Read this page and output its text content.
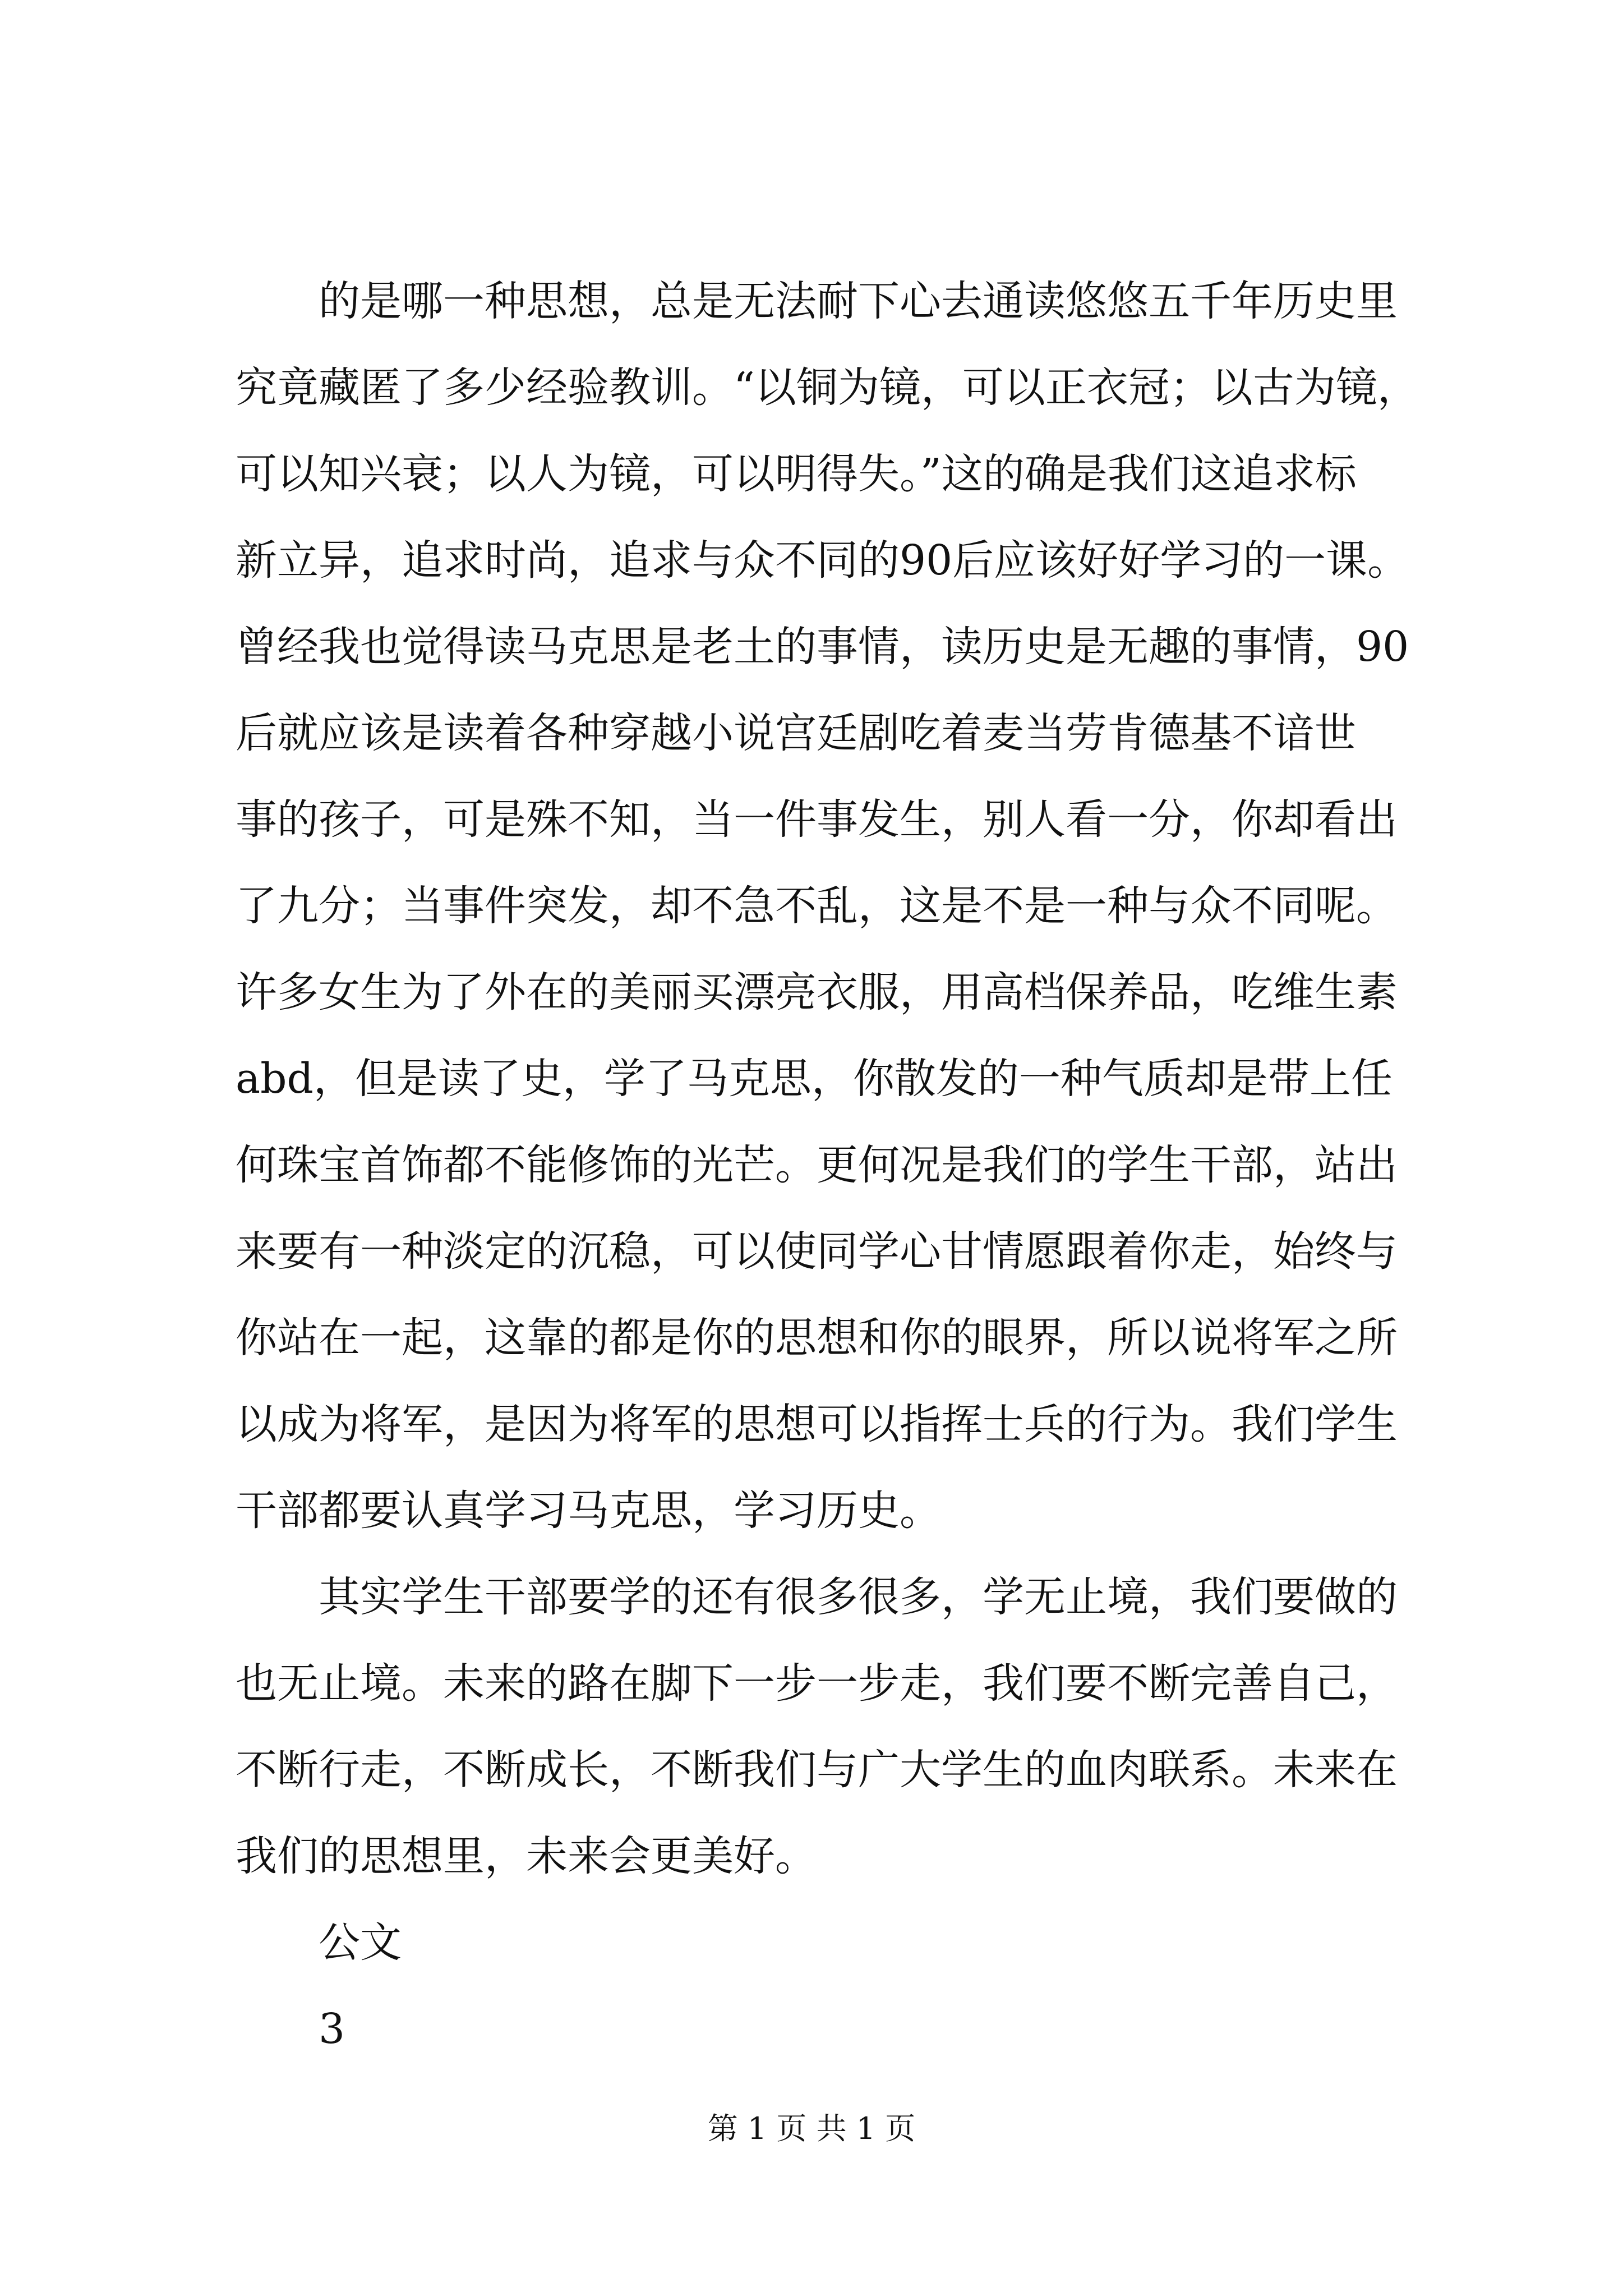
的是哪一种思想，总是无法耐下心去通读悠悠五千年历史里
究竟藏匿了多少经验教训。“以铜为镜，可以正衣冠；以古为镜，
可以知兴衰；以人为镜，可以明得失。”这的确是我们这追求标
新立异，追求时尚，追求与众不同的90后应该好好学习的一课。
曾经我也觉得读马克思是老土的事情，读历史是无趣的事情，90
后就应该是读着各种穿越小说宫廷剧吃着麦当劳肯德基不谙世
事的孩子，可是殊不知，当一件事发生，别人看一分，你却看出
了九分；当事件突发，却不急不乱，这是不是一种与众不同呢。
许多女生为了外在的美丽买漂亮衣服，用高档保养品，吃维生素
abd，但是读了史，学了马克思，你散发的一种气质却是带上任
何珠宝首饰都不能修饰的光芒。更何况是我们的学生干部，站出
来要有一种淡定的沉稳，可以使同学心甘情愿跟着你走，始终与
你站在一起，这靠的都是你的思想和你的眼界，所以说将军之所
以成为将军，是因为将军的思想可以指挥士兵的行为。我们学生
干部都要认真学习马克思，学习历史。
其实学生干部要学的还有很多很多，学无止境，我们要做的
也无止境。未来的路在脚下一步一步走，我们要不断完善自己，
不断行走，不断成长，不断我们与广大学生的血肉联系。未来在
我们的思想里，未来会更美好。
公文
3
第 1 页 共 1 页
